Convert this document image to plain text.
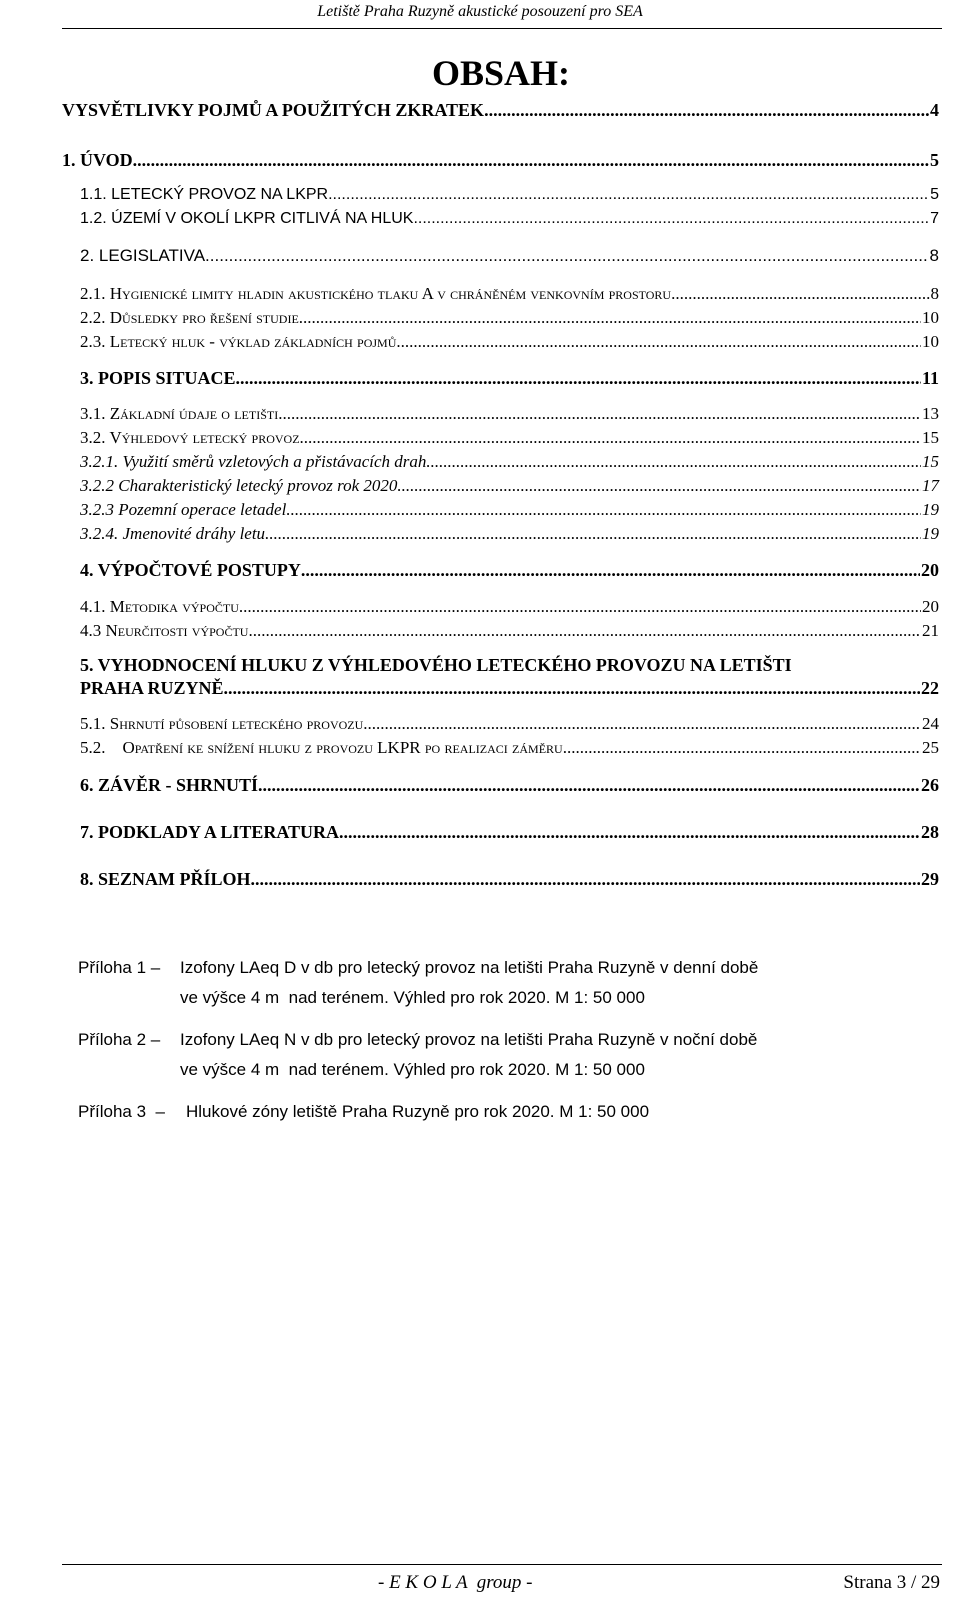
Letiště Praha Ruzyně akustické posouzení pro SEA
OBSAH:
VYSVĚTLIVKY POJMŮ A POUŽITÝCH ZKRATEK .....	4
1. ÚVOD .....	5
1.1. LETECKÝ PROVOZ NA LKPR .....	5
1.2. ÚZEMÍ V OKOLÍ LKPR CITLIVÁ NA HLUK .....	7
2. LEGISLATIVA .....	8
2.1. Hygienické limity hladin akustického tlaku A v chráněném venkovním prostoru .....	8
2.2. Důsledky pro řešení studie .....	10
2.3. Letecký hluk - výklad základních pojmů .....	10
3. POPIS SITUACE .....	11
3.1. Základní údaje o letišti .....	13
3.2. Výhledový letecký provoz .....	15
3.2.1. Využití směrů vzletových a přistávacích drah .....	15
3.2.2 Charakteristický letecký provoz rok 2020 .....	17
3.2.3 Pozemní operace letadel .....	19
3.2.4. Jmenovité dráhy letu .....	19
4. VÝPOČTOVÉ POSTUPY .....	20
4.1. Metodika výpočtu .....	20
4.3 Neurčitosti výpočtu .....	21
5. VYHODNOCENÍ HLUKU Z VÝHLEDOVÉHO LETECKÉHO PROVOZU NA LETIŠTI
PRAHA RUZYNĚ .....	22
5.1. Shrnutí působení leteckého provozu .....	24
5.2.    Opatření ke snížení hluku z provozu LKPR po realizaci záměru .....	25
6. ZÁVĚR - SHRNUTÍ .....	26
7. PODKLADY A LITERATURA .....	28
8. SEZNAM PŘÍLOH .....	29
Příloha 1 – Izofony LAeq D v db pro letecký provoz na letišti Praha Ruzyně v denní době
ve výšce 4 m  nad terénem. Výhled pro rok 2020. M 1: 50 000
Příloha 2 – Izofony LAeq N v db pro letecký provoz na letišti Praha Ruzyně v noční době
ve výšce 4 m  nad terénem. Výhled pro rok 2020. M 1: 50 000
Příloha 3 – Hlukové zóny letiště Praha Ruzyně pro rok 2020. M 1: 50 000
- E K O L A  group -	Strana 3 / 29
